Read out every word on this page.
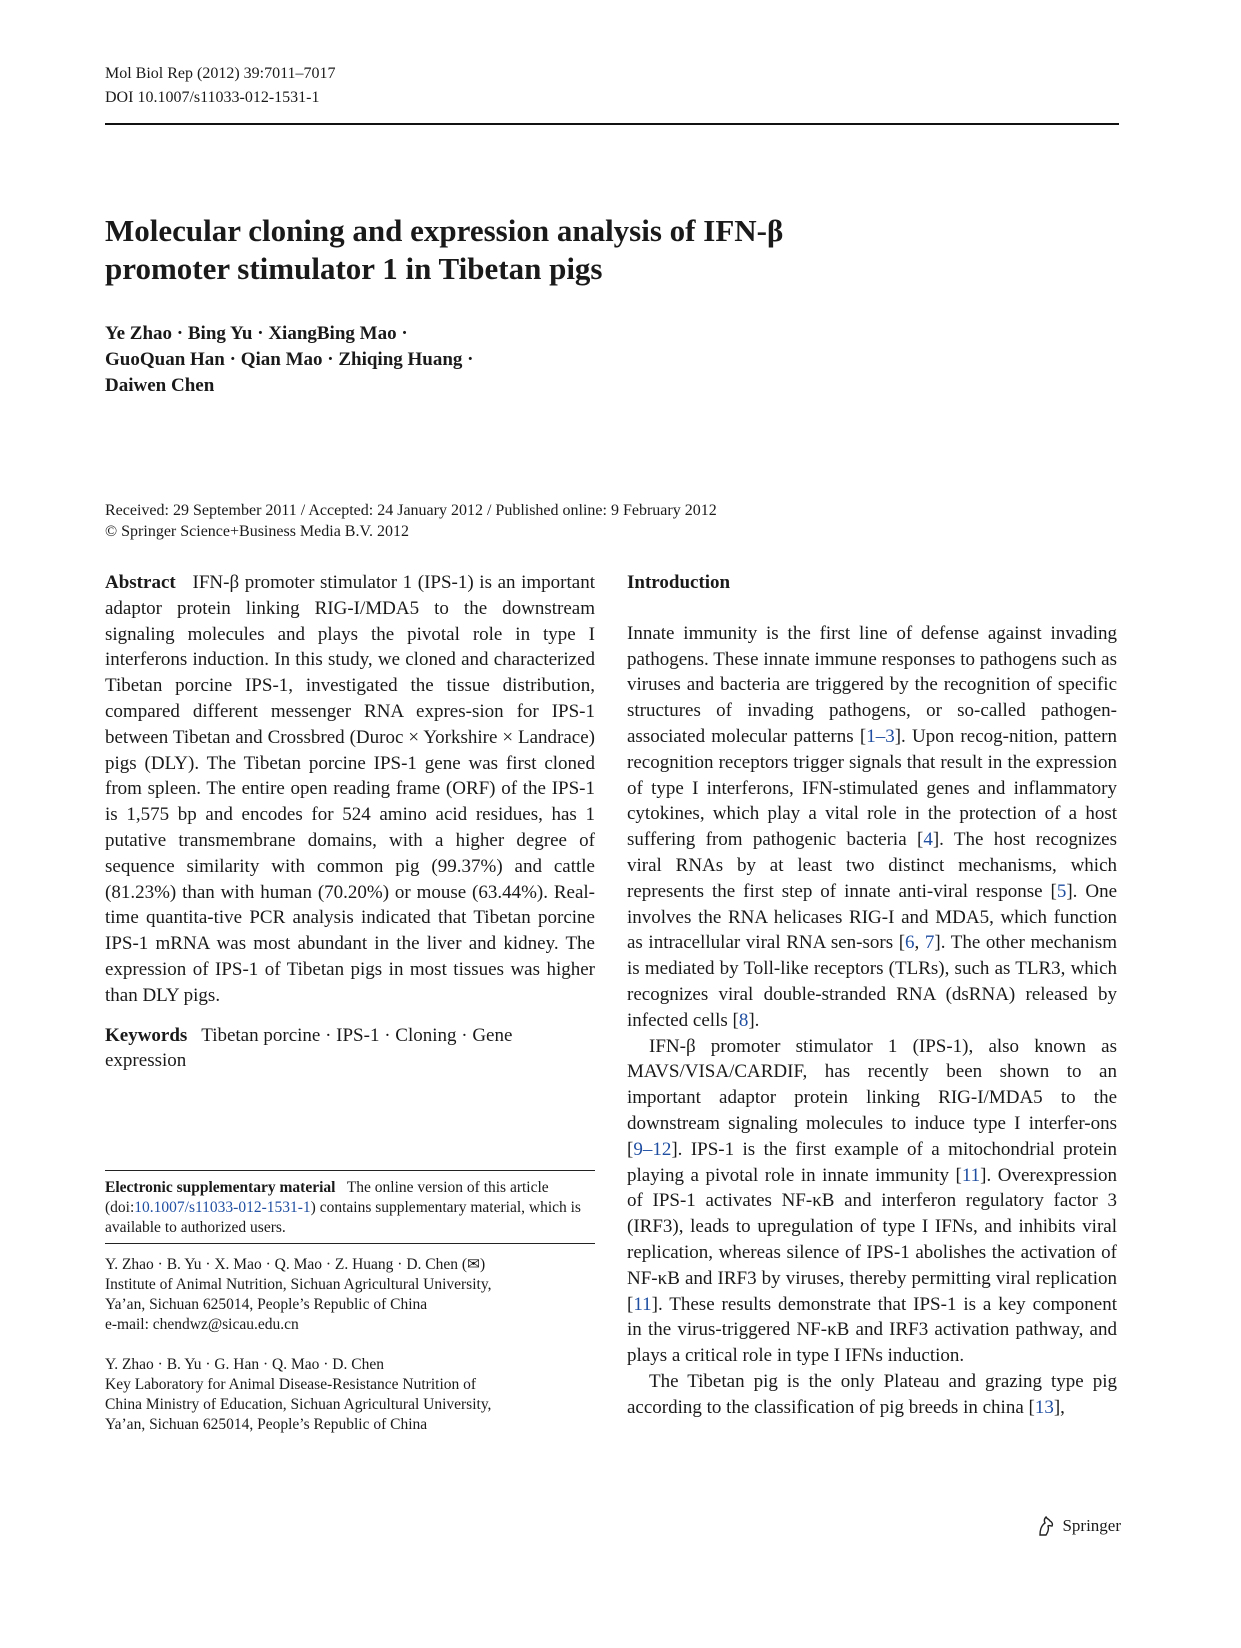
Mol Biol Rep (2012) 39:7011–7017
DOI 10.1007/s11033-012-1531-1
Molecular cloning and expression analysis of IFN-β
promoter stimulator 1 in Tibetan pigs
Ye Zhao · Bing Yu · XiangBing Mao ·
GuoQuan Han · Qian Mao · Zhiqing Huang ·
Daiwen Chen
Received: 29 September 2011 / Accepted: 24 January 2012 / Published online: 9 February 2012
© Springer Science+Business Media B.V. 2012

Abstract IFN-β promoter stimulator 1 (IPS-1) is an important adaptor protein linking RIG-I/MDA5 to the downstream signaling molecules and plays the pivotal role in type I interferons induction. In this study, we cloned and characterized Tibetan porcine IPS-1, investigated the tissue distribution, compared different messenger RNA expres-sion for IPS-1 between Tibetan and Crossbred (Duroc × Yorkshire × Landrace) pigs (DLY). The Tibetan porcine IPS-1 gene was first cloned from spleen. The entire open reading frame (ORF) of the IPS-1 is 1,575 bp and encodes for 524 amino acid residues, has 1 putative transmembrane domains, with a higher degree of sequence similarity with common pig (99.37%) and cattle (81.23%) than with human (70.20%) or mouse (63.44%). Real-time quantita-tive PCR analysis indicated that Tibetan porcine IPS-1 mRNA was most abundant in the liver and kidney. The expression of IPS-1 of Tibetan pigs in most tissues was higher than DLY pigs.

Keywords Tibetan porcine · IPS-1 · Cloning · Gene expression

Electronic supplementary material The online version of this article (doi:10.1007/s11033-012-1531-1) contains supplementary material, which is available to authorized users.
Y. Zhao · B. Yu · X. Mao · Q. Mao · Z. Huang · D. Chen (✉)
Institute of Animal Nutrition, Sichuan Agricultural University,
Ya’an, Sichuan 625014, People’s Republic of China
e-mail: chendwz@sicau.edu.cn
Y. Zhao · B. Yu · G. Han · Q. Mao · D. Chen
Key Laboratory for Animal Disease-Resistance Nutrition of
China Ministry of Education, Sichuan Agricultural University,
Ya’an, Sichuan 625014, People’s Republic of China

Introduction

Innate immunity is the first line of defense against invading pathogens. These innate immune responses to pathogens such as viruses and bacteria are triggered by the recognition of specific structures of invading pathogens, or so-called pathogen-associated molecular patterns [1–3]. Upon recog-nition, pattern recognition receptors trigger signals that result in the expression of type I interferons, IFN-stimulated genes and inflammatory cytokines, which play a vital role in the protection of a host suffering from pathogenic bacteria [4]. The host recognizes viral RNAs by at least two distinct mechanisms, which represents the first step of innate anti-viral response [5]. One involves the RNA helicases RIG-I and MDA5, which function as intracellular viral RNA sen-sors [6, 7]. The other mechanism is mediated by Toll-like receptors (TLRs), such as TLR3, which recognizes viral double-stranded RNA (dsRNA) released by infected cells [8].

IFN-β promoter stimulator 1 (IPS-1), also known as MAVS/VISA/CARDIF, has recently been shown to an important adaptor protein linking RIG-I/MDA5 to the downstream signaling molecules to induce type I interfer-ons [9–12]. IPS-1 is the first example of a mitochondrial protein playing a pivotal role in innate immunity [11]. Overexpression of IPS-1 activates NF-κB and interferon regulatory factor 3 (IRF3), leads to upregulation of type I IFNs, and inhibits viral replication, whereas silence of IPS-1 abolishes the activation of NF-κB and IRF3 by viruses, thereby permitting viral replication [11]. These results demonstrate that IPS-1 is a key component in the virus-triggered NF-κB and IRF3 activation pathway, and plays a critical role in type I IFNs induction.

The Tibetan pig is the only Plateau and grazing type pig according to the classification of pig breeds in china [13],

Springer
